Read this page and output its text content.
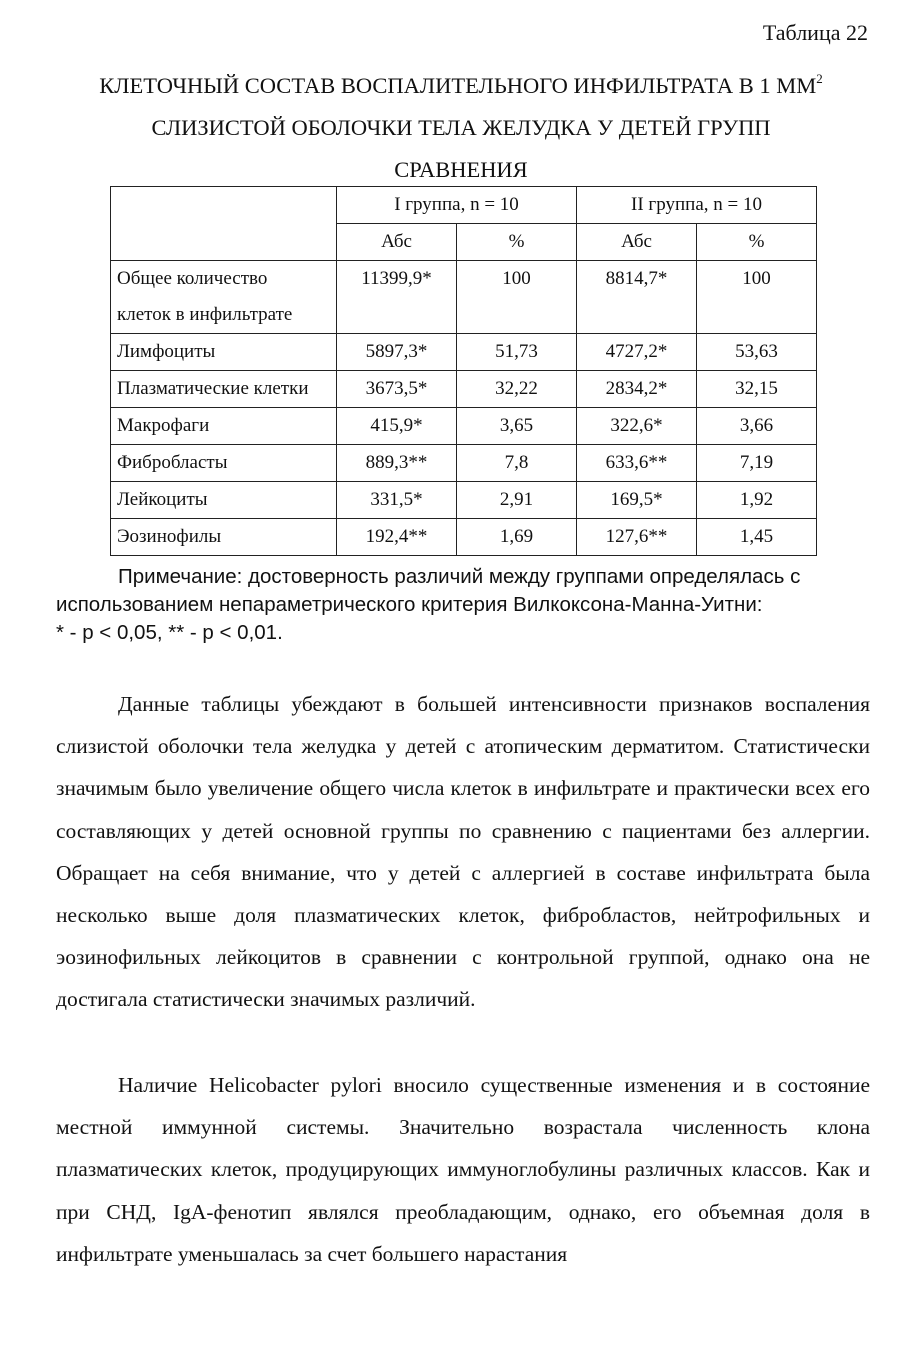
Таблица 22
КЛЕТОЧНЫЙ СОСТАВ ВОСПАЛИТЕЛЬНОГО ИНФИЛЬТРАТА В 1 $ММ^2$
СЛИЗИСТОЙ ОБОЛОЧКИ ТЕЛА ЖЕЛУДКА У ДЕТЕЙ ГРУПП
СРАВНЕНИЯ
	I группа, n = 10		II группа, n = 10	
	Абс	%	Абс	%

Общее количество
клеток в инфильтрате	11399,9*	100	8814,7*	100

Лимфоциты	5897,3*	51,73	4727,2*	53,63

Плазматические клетки	3673,5*	32,22	2834,2*	32,15

Макрофаги	415,9*	3,65	322,6*	3,66

Фибробласты	889,3**	7,8	633,6**	7,19

Лейкоциты	331,5*	2,91	169,5*	1,92

Эозинофилы	192,4**	1,69	127,6**	1,45
Примечание: достоверность различий между группами определялась с
использованием непараметрического критерия Вилкоксона-Манна-Уитни:
* - p < 0,05, ** - p < 0,01.

Данные таблицы убеждают в большей интенсивности признаков воспаления слизистой оболочки тела желудка у детей с атопическим дерматитом. Статистически значимым было увеличение общего числа клеток в инфильтрате и практически всех его составляющих у детей основной группы по сравнению с пациентами без аллергии. Обращает на себя внимание, что у детей с аллергией в составе инфильтрата была несколько выше доля плазматических клеток, фибробластов, нейтрофильных и эозинофильных лейкоцитов в сравнении с контрольной группой, однако она не достигала статистически значимых различий.

Наличие Helicobacter pylori вносило существенные изменения и в состояние местной иммунной системы. Значительно возрастала численность клона плазматических клеток, продуцирующих иммуноглобулины различных классов. Как и при СНД, IgA-фенотип являлся преобладающим, однако, его объемная доля в инфильтрате уменьшалась за счет большего нарастания
